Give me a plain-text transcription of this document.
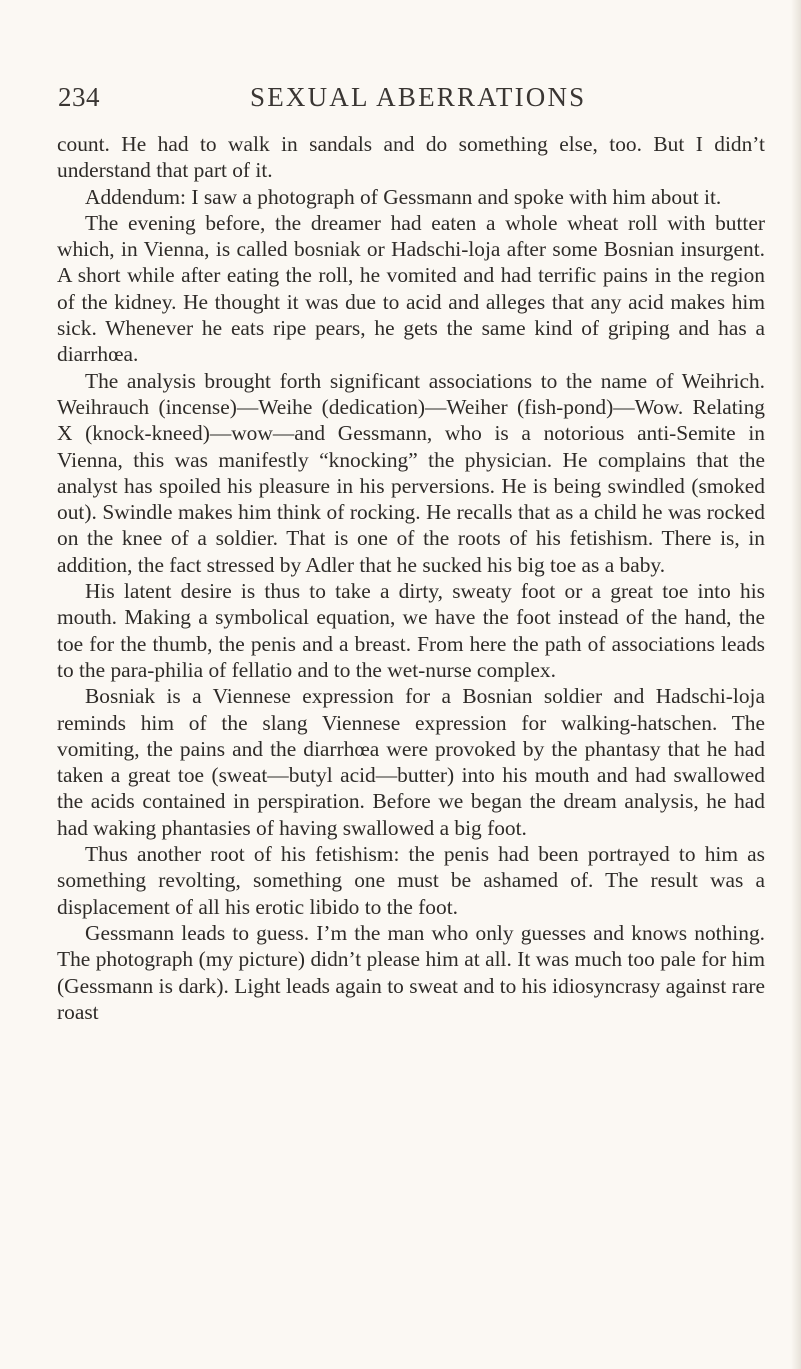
234	SEXUAL ABERRATIONS

count. He had to walk in sandals and do something else, too. But I didn’t understand that part of it.

Addendum: I saw a photograph of Gessmann and spoke with him about it.

The evening before, the dreamer had eaten a whole wheat roll with butter which, in Vienna, is called bosniak or Hadschi-loja after some Bosnian insurgent. A short while after eating the roll, he vomited and had terrific pains in the region of the kidney. He thought it was due to acid and alleges that any acid makes him sick. Whenever he eats ripe pears, he gets the same kind of griping and has a diarrhœa.

The analysis brought forth significant associations to the name of Weihrich. Weihrauch (incense)—Weihe (dedication)—Weiher (fish-pond)—Wow. Relating X (knock-kneed)—wow—and Gessmann, who is a notorious anti-Semite in Vienna, this was manifestly “knocking” the physician. He complains that the analyst has spoiled his pleasure in his perversions. He is being swindled (smoked out). Swindle makes him think of rocking. He recalls that as a child he was rocked on the knee of a soldier. That is one of the roots of his fetishism. There is, in addition, the fact stressed by Adler that he sucked his big toe as a baby.

His latent desire is thus to take a dirty, sweaty foot or a great toe into his mouth. Making a symbolical equation, we have the foot instead of the hand, the toe for the thumb, the penis and a breast. From here the path of associations leads to the para-philia of fellatio and to the wet-nurse complex.

Bosniak is a Viennese expression for a Bosnian soldier and Hadschi-loja reminds him of the slang Viennese expression for walking-hatschen. The vomiting, the pains and the diarrhœa were provoked by the phantasy that he had taken a great toe (sweat—butyl acid—butter) into his mouth and had swallowed the acids contained in perspiration. Before we began the dream analysis, he had had waking phantasies of having swallowed a big foot.

Thus another root of his fetishism: the penis had been portrayed to him as something revolting, something one must be ashamed of. The result was a displacement of all his erotic libido to the foot.

Gessmann leads to guess. I’m the man who only guesses and knows nothing. The photograph (my picture) didn’t please him at all. It was much too pale for him (Gessmann is dark). Light leads again to sweat and to his idiosyncrasy against rare roast
